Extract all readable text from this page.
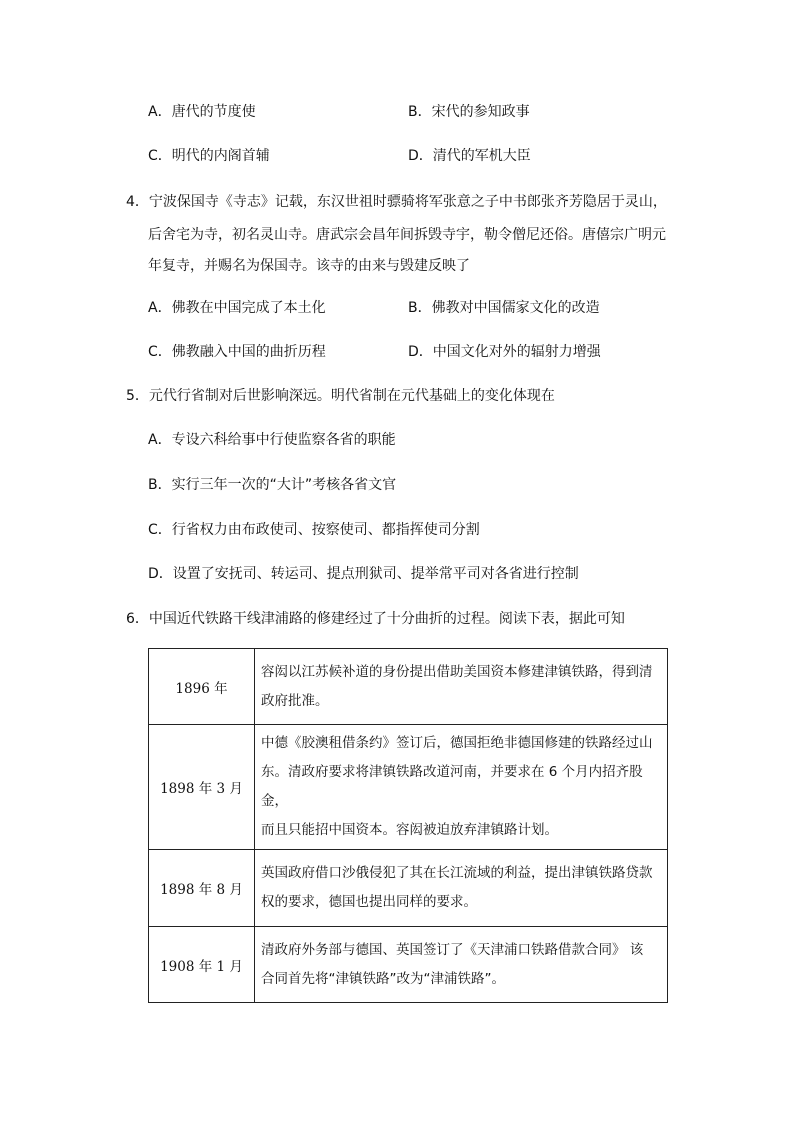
A．唐代的节度使	B．宋代的参知政事
C．明代的内阁首辅	D．清代的军机大臣
4．宁波保国寺《寺志》记载，东汉世祖时骠骑将军张意之子中书郎张齐芳隐居于灵山，
后舍宅为寺，初名灵山寺。唐武宗会昌年间拆毁寺宇，勒令僧尼还俗。唐僖宗广明元
年复寺，并赐名为保国寺。该寺的由来与毁建反映了
A．佛教在中国完成了本土化	B．佛教对中国儒家文化的改造
C．佛教融入中国的曲折历程	D．中国文化对外的辐射力增强
5．元代行省制对后世影响深远。明代省制在元代基础上的变化体现在
A．专设六科给事中行使监察各省的职能
B．实行三年一次的“大计”考核各省文官
C．行省权力由布政使司、按察使司、都指挥使司分割
D．设置了安抚司、转运司、提点刑狱司、提举常平司对各省进行控制
6．中国近代铁路干线津浦路的修建经过了十分曲折的过程。阅读下表，据此可知
1896 年	容闳以江苏候补道的身份提出借助美国资本修建津镇铁路，得到清
政府批准。

1898 年 3 月	中德《胶澳租借条约》签订后，德国拒绝非德国修建的铁路经过山
东。清政府要求将津镇铁路改道河南，并要求在 6 个月内招齐股金，
而且只能招中国资本。容闳被迫放弃津镇路计划。

1898 年 8 月	英国政府借口沙俄侵犯了其在长江流域的利益，提出津镇铁路贷款
权的要求，德国也提出同样的要求。

1908 年 1 月	清政府外务部与德国、英国签订了《天津浦口铁路借款合同》 该
合同首先将“津镇铁路”改为“津浦铁路”。
